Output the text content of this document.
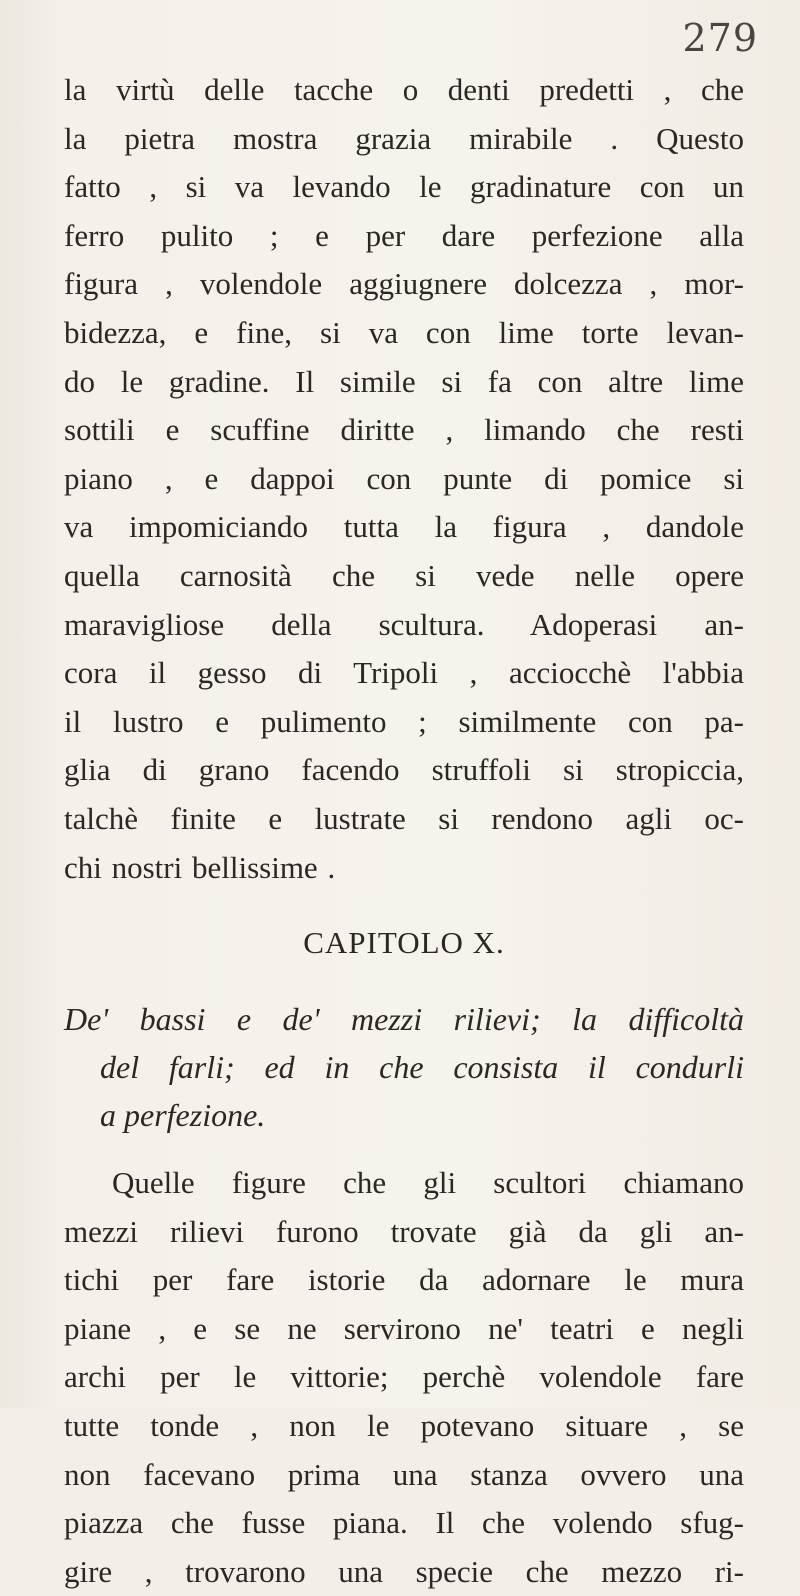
279
la virtù delle tacche o denti predetti , che
la pietra mostra grazia mirabile . Questo
fatto , si va levando le gradinature con un
ferro pulito ; e per dare perfezione alla
figura , volendole aggiugnere dolcezza , mor-
bidezza, e fine, si va con lime torte levan-
do le gradine. Il simile si fa con altre lime
sottili e scuffine diritte , limando che resti
piano , e dappoi con punte di pomice si
va impomiciando tutta la figura , dandole
quella carnosità che si vede nelle opere
maravigliose della scultura. Adoperasi an-
cora il gesso di Tripoli , acciocchè l'abbia
il lustro e pulimento ; similmente con pa-
glia di grano facendo struffoli si stropiccia,
talchè finite e lustrate si rendono agli oc-
chi nostri bellissime .
CAPITOLO X.
De' bassi e de' mezzi rilievi; la difficoltà
del farli; ed in che consista il condurli
a perfezione.
Quelle figure che gli scultori chiamano
mezzi rilievi furono trovate già da gli an-
tichi per fare istorie da adornare le mura
piane , e se ne servirono ne' teatri e negli
archi per le vittorie; perchè volendole fare
tutte tonde , non le potevano situare , se
non facevano prima una stanza ovvero una
piazza che fusse piana. Il che volendo sfug-
gire , trovarono una specie che mezzo ri-
